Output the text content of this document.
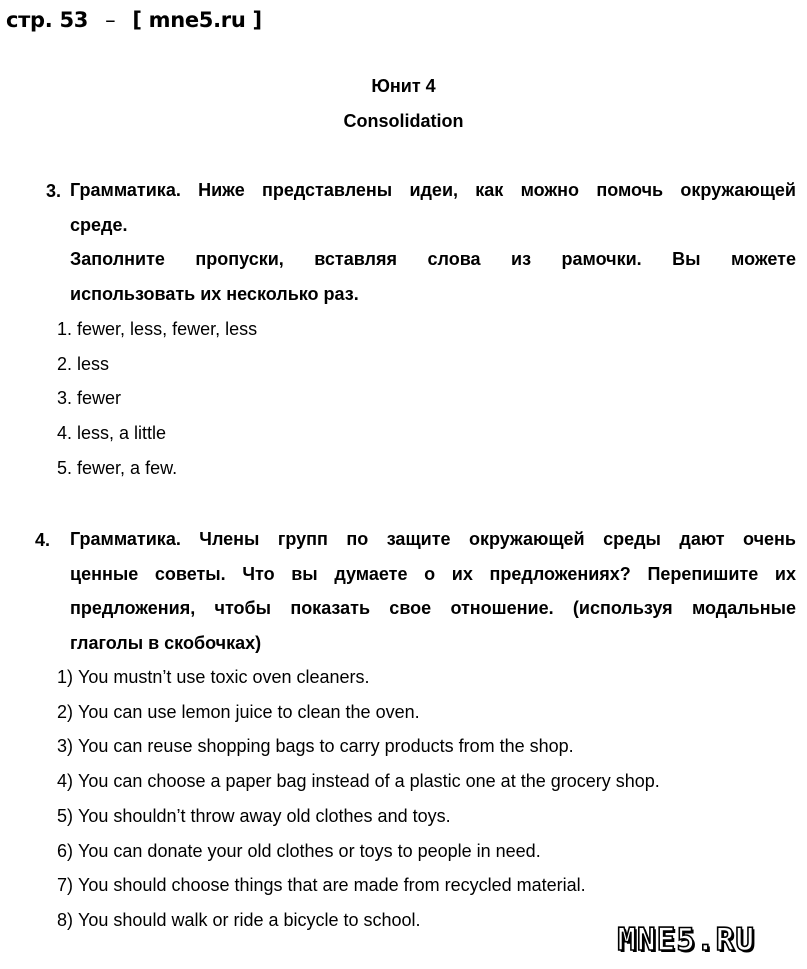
стр. 53 – [ mne5.ru ]
Юнит 4
Consolidation
3. Грамматика. Ниже представлены идеи, как можно помочь окружающей

среде.

Заполните пропуски, вставляя слова из рамочки. Вы можете

использовать их несколько раз.

1.
fewer, less, fewer, less
2.
less
3.
fewer
4.
less, a little
5.
fewer, a few.
4. Грамматика. Члены групп по защите окружающей среды дают очень

ценные советы. Что вы думаете о их предложениях? Перепишите их

предложения, чтобы показать свое отношение. (используя модальные

глаголы в скобочках)

1)
You mustn’t use toxic oven cleaners.
2)
You can use lemon juice to clean the oven.
3)
You can reuse shopping bags to carry products from the shop.
4)
You can choose a paper bag instead of a plastic one at the grocery shop.
5)
You shouldn’t throw away old clothes and toys.
6)
You can donate your old clothes or toys to people in need.
7)
You should choose things that are made from recycled material.
8)
You should walk or ride a bicycle to school.
MNE5.RU
